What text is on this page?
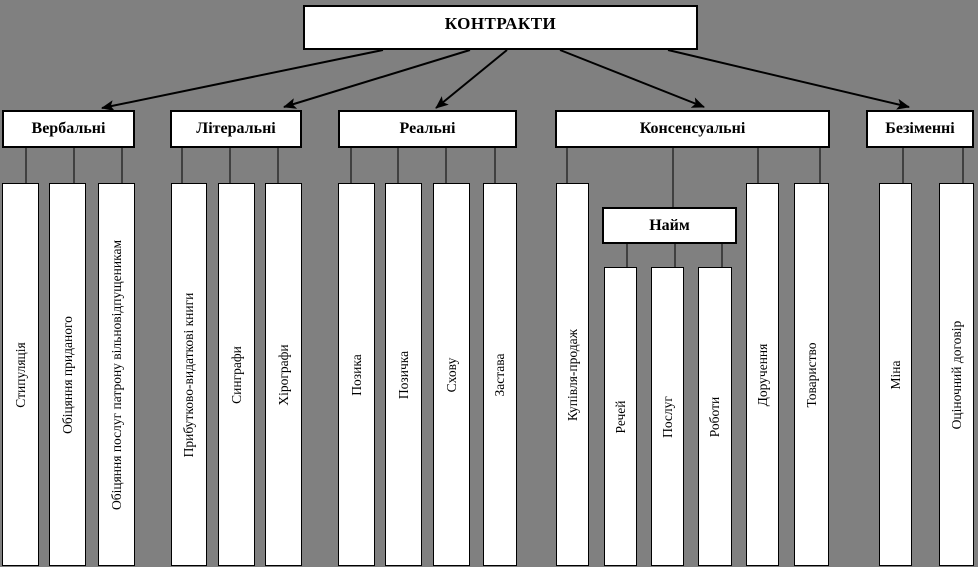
КОНТРАКТИ
Вербальні	Літеральні	Реальні	Консенсуальні	Безіменні
Найм
Стипуляція Обіцяння приданого	Обіцяння послуг патрону вільновідпущеникам	Прибутково-видаткові книги Синграфи Хірографи	Позика Позичка Схову Застава	Купівля-продаж Речей Послуг Роботи
Доручення	Товариство	Міна	Оціночний договір
